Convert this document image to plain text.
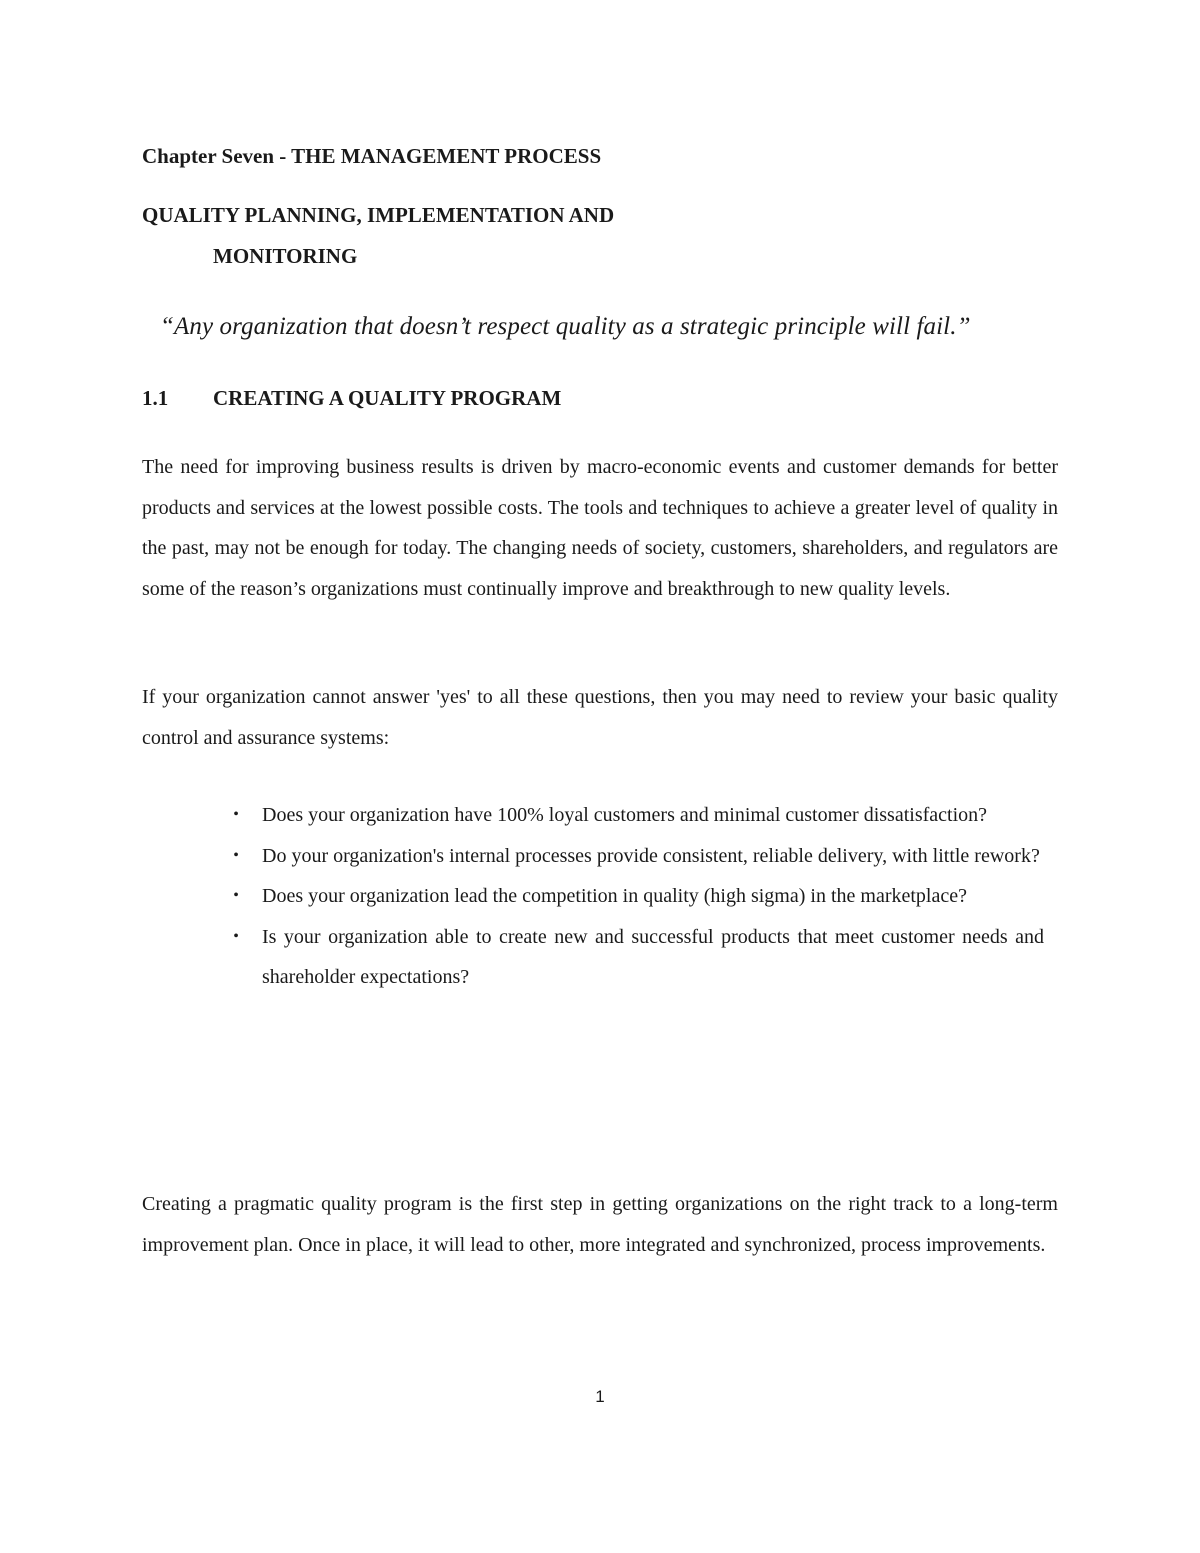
Chapter Seven - THE MANAGEMENT PROCESS

QUALITY PLANNING, IMPLEMENTATION AND

MONITORING

“Any organization that doesn’t respect quality as a strategic principle will fail.”

1.1 CREATING A QUALITY PROGRAM

The need for improving business results is driven by macro-economic events and customer demands for better products and services at the lowest possible costs. The tools and techniques to achieve a greater level of quality in the past, may not be enough for today. The changing needs of society, customers, shareholders, and regulators are some of the reason’s organizations must continually improve and breakthrough to new quality levels.

If your organization cannot answer 'yes' to all these questions, then you may need to review your basic quality control and assurance systems:

•	Does your organization have 100% loyal customers and minimal customer dissatisfaction?
•	Do your organization's internal processes provide consistent, reliable delivery, with little rework?
•	Does your organization lead the competition in quality (high sigma) in the marketplace?
•	Is your organization able to create new and successful products that meet customer needs and shareholder expectations?

Creating a pragmatic quality program is the first step in getting organizations on the right track to a long-term improvement plan. Once in place, it will lead to other, more integrated and synchronized, process improvements.

1
